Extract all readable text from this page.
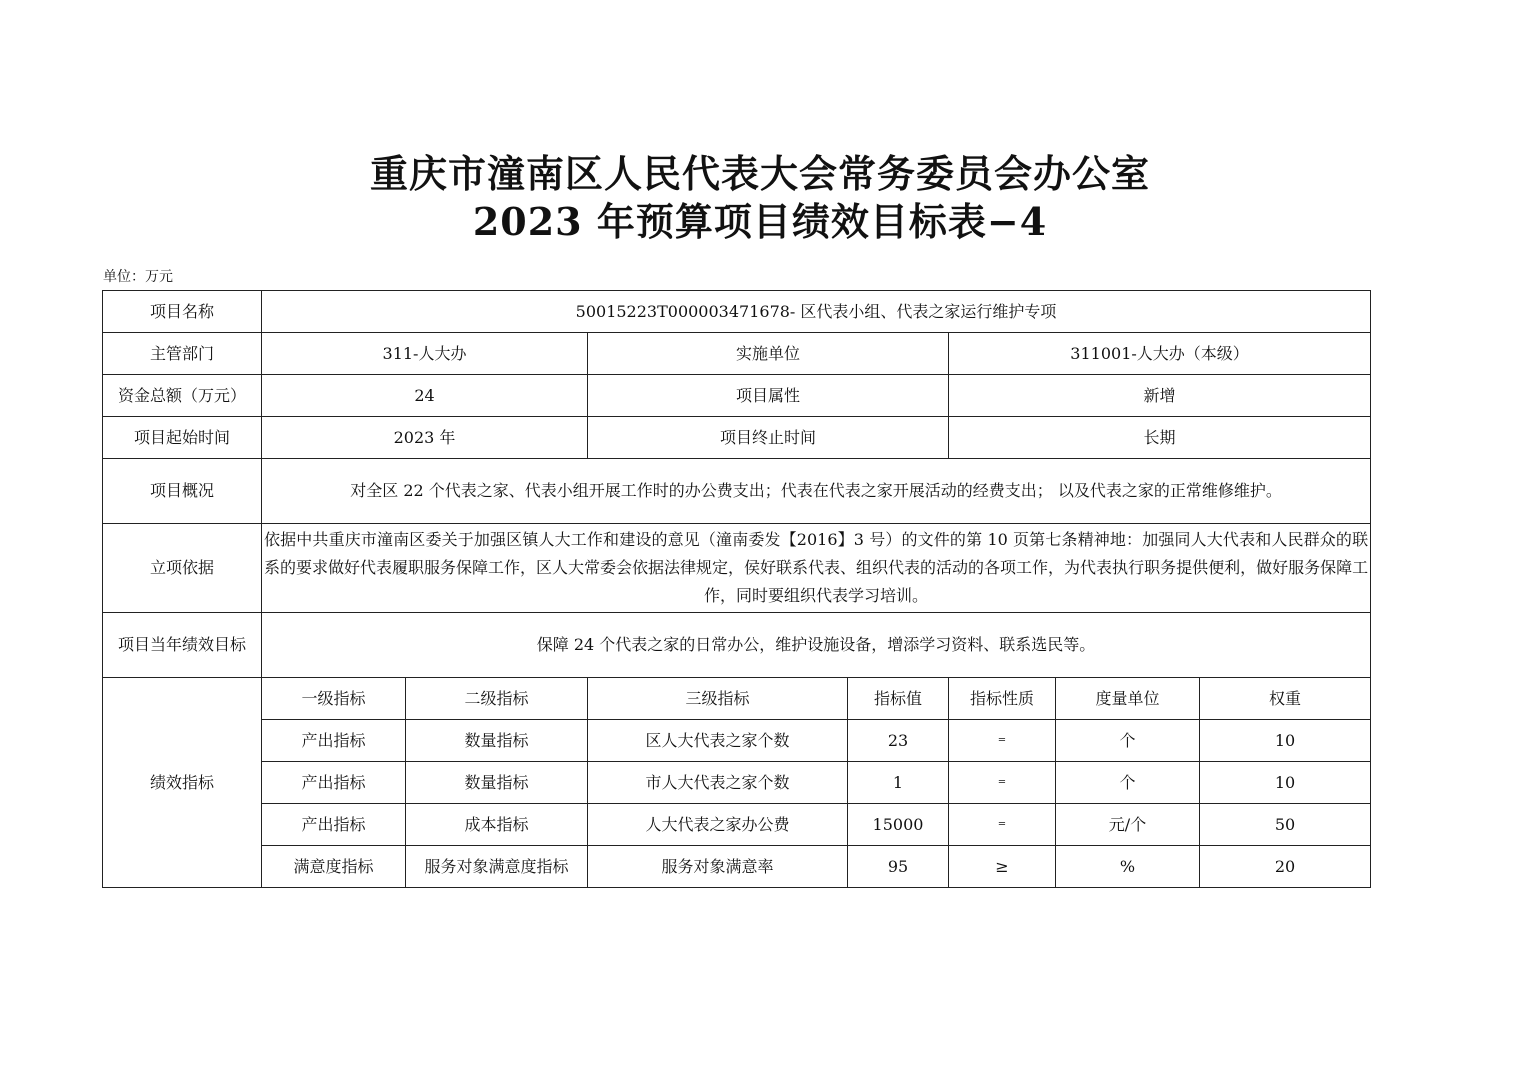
重庆市潼南区人民代表大会常务委员会办公室
2023 年预算项目绩效目标表−4
单位：万元
项目名称	50015223T000003471678- 区代表小组、代表之家运行维护专项						
主管部门	311-人大办		实施单位		311001-人大办（本级）		
资金总额（万元）	24		项目属性		新增		
项目起始时间	2023 年		项目终止时间		长期		
项目概况	对全区 22 个代表之家、代表小组开展工作时的办公费支出；代表在代表之家开展活动的经费支出； 以及代表之家的正常维修维护。						
立项依据	依据中共重庆市潼南区委关于加强区镇人大工作和建设的意见（潼南委发【2016】3 号）的文件的第 10 页第七条精神地：加强同人大代表和人民群众的联系的要求做好代表履职服务保障工作，区人大常委会依据法律规定，侯好联系代表、组织代表的活动的各项工作，为代表执行职务提供便利，做好服务保障工作，同时要组织代表学习培训。						
项目当年绩效目标	保障 24 个代表之家的日常办公，维护设施设备，增添学习资料、联系选民等。						
绩效指标	一级指标	二级指标	三级指标	指标值	指标性质	度量单位	权重
	产出指标	数量指标	区人大代表之家个数	23	=	个	10
	产出指标	数量指标	市人大代表之家个数	1	=	个	10
	产出指标	成本指标	人大代表之家办公费	15000	=	元/个	50
	满意度指标	服务对象满意度指标	服务对象满意率	95	≥	%	20
